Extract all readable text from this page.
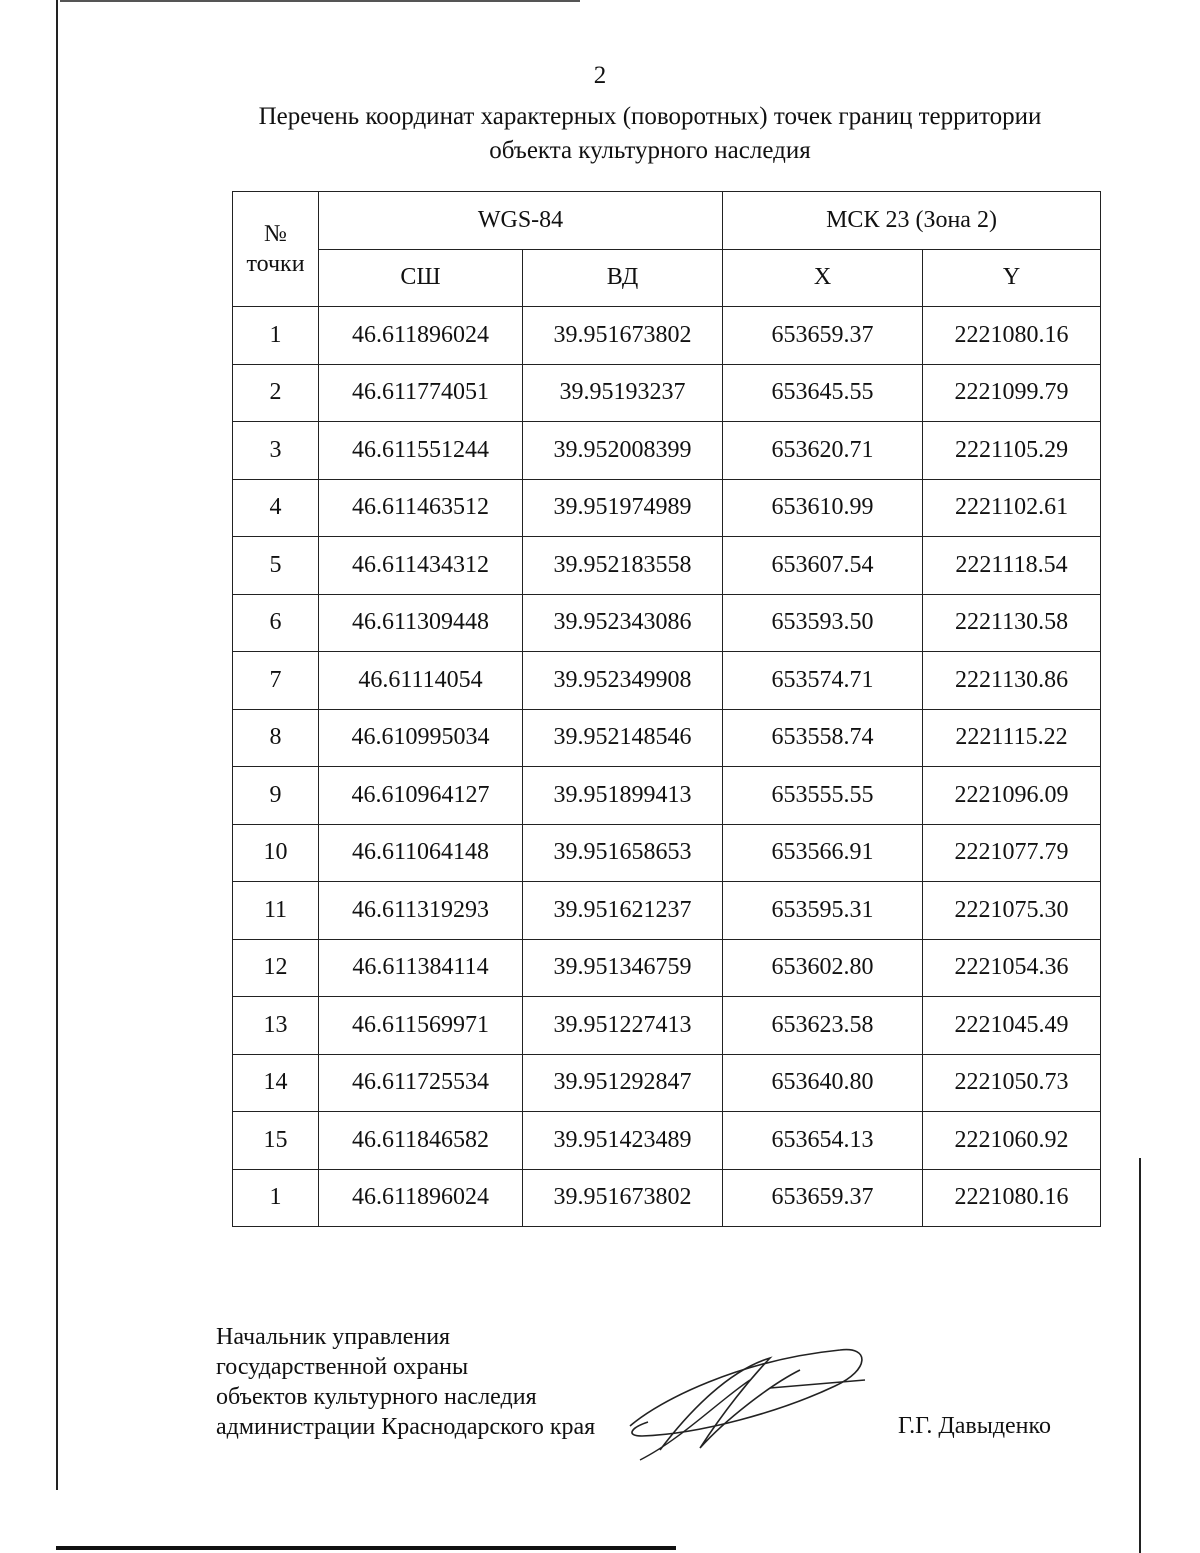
2
Перечень координат характерных (поворотных) точек границ территории
объекта культурного наследия
№
точки	WGS-84		МСК 23 (Зона 2)	
	СШ	ВД	X	Y
1	46.611896024	39.951673802	653659.37	2221080.16
2	46.611774051	39.95193237	653645.55	2221099.79
3	46.611551244	39.952008399	653620.71	2221105.29
4	46.611463512	39.951974989	653610.99	2221102.61
5	46.611434312	39.952183558	653607.54	2221118.54
6	46.611309448	39.952343086	653593.50	2221130.58
7	46.61114054	39.952349908	653574.71	2221130.86
8	46.610995034	39.952148546	653558.74	2221115.22
9	46.610964127	39.951899413	653555.55	2221096.09
10	46.611064148	39.951658653	653566.91	2221077.79
11	46.611319293	39.951621237	653595.31	2221075.30
12	46.611384114	39.951346759	653602.80	2221054.36
13	46.611569971	39.951227413	653623.58	2221045.49
14	46.611725534	39.951292847	653640.80	2221050.73
15	46.611846582	39.951423489	653654.13	2221060.92
1	46.611896024	39.951673802	653659.37	2221080.16
Начальник управления
государственной охраны
объектов культурного наследия
администрации Краснодарского края	Г.Г. Давыденко
